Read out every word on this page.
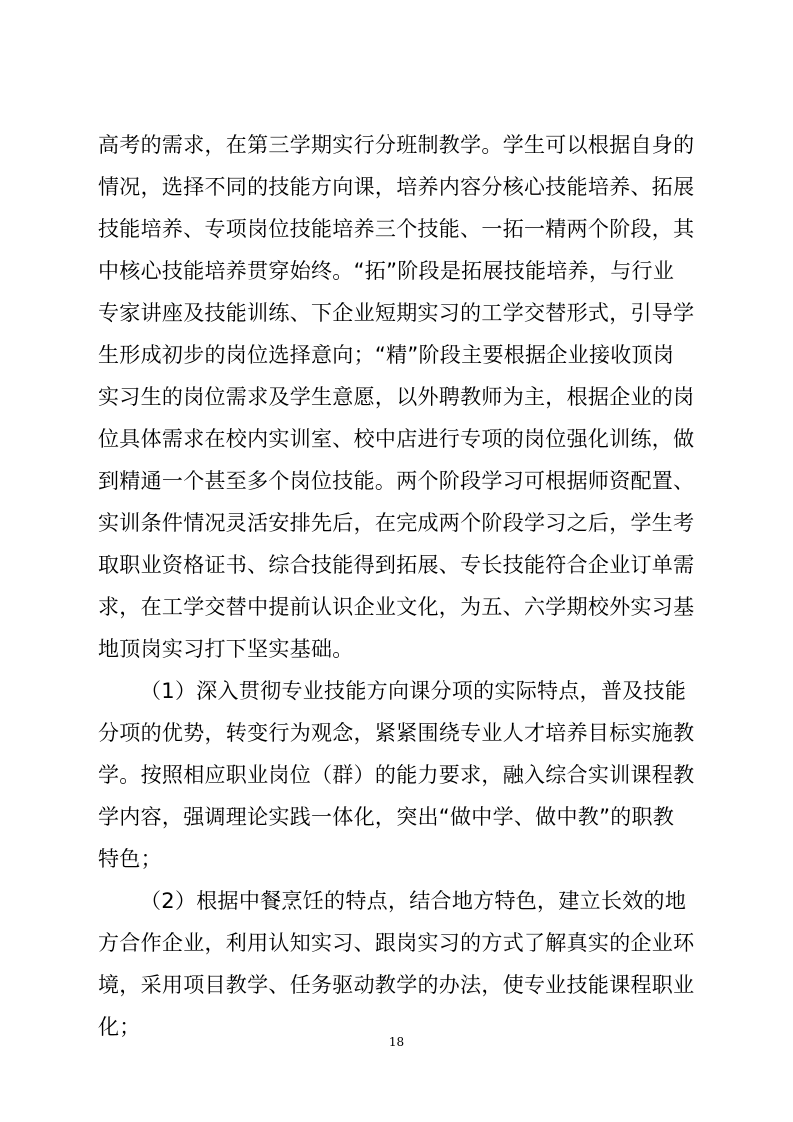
高考的需求，在第三学期实行分班制教学。学生可以根据自身的
情况，选择不同的技能方向课，培养内容分核心技能培养、拓展
技能培养、专项岗位技能培养三个技能、一拓一精两个阶段，其
中核心技能培养贯穿始终。“拓”阶段是拓展技能培养，与行业
专家讲座及技能训练、下企业短期实习的工学交替形式，引导学
生形成初步的岗位选择意向；“精”阶段主要根据企业接收顶岗
实习生的岗位需求及学生意愿，以外聘教师为主，根据企业的岗
位具体需求在校内实训室、校中店进行专项的岗位强化训练，做
到精通一个甚至多个岗位技能。两个阶段学习可根据师资配置、
实训条件情况灵活安排先后，在完成两个阶段学习之后，学生考
取职业资格证书、综合技能得到拓展、专长技能符合企业订单需
求，在工学交替中提前认识企业文化，为五、六学期校外实习基
地顶岗实习打下坚实基础。
（1）深入贯彻专业技能方向课分项的实际特点，普及技能
分项的优势，转变行为观念，紧紧围绕专业人才培养目标实施教
学。按照相应职业岗位（群）的能力要求，融入综合实训课程教
学内容，强调理论实践一体化，突出“做中学、做中教”的职教
特色；
（2）根据中餐烹饪的特点，结合地方特色，建立长效的地
方合作企业，利用认知实习、跟岗实习的方式了解真实的企业环
境，采用项目教学、任务驱动教学的办法，使专业技能课程职业
化；
18
